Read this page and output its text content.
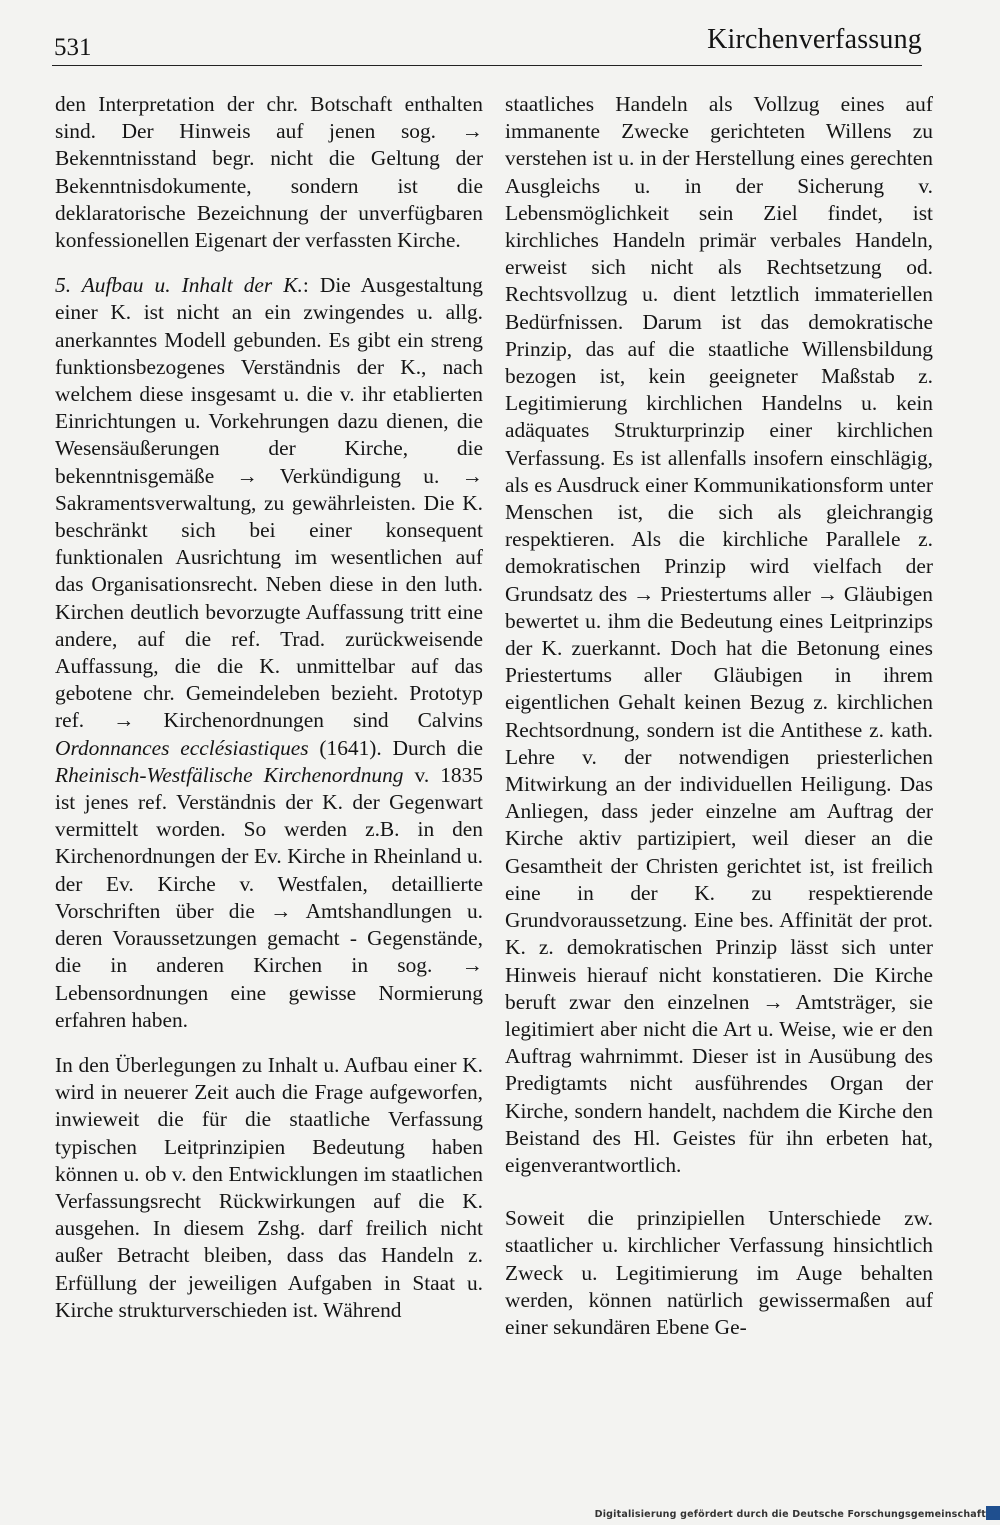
531	Kirchenverfassung

den Interpretation der chr. Botschaft enthalten sind. Der Hinweis auf jenen sog. → Bekenntnisstand begr. nicht die Geltung der Bekenntnisdokumente, sondern ist die deklaratorische Bezeichnung der unverfügbaren konfessionellen Eigenart der verfassten Kirche.

5. Aufbau u. Inhalt der K.: Die Ausgestaltung einer K. ist nicht an ein zwingendes u. allg. anerkanntes Modell gebunden. Es gibt ein streng funktionsbezogenes Verständnis der K., nach welchem diese insgesamt u. die v. ihr etablierten Einrichtungen u. Vorkehrungen dazu dienen, die Wesensäußerungen der Kirche, die bekenntnisgemäße → Verkündigung u. → Sakramentsverwaltung, zu gewährleisten. Die K. beschränkt sich bei einer konsequent funktionalen Ausrichtung im wesentlichen auf das Organisationsrecht. Neben diese in den luth. Kirchen deutlich bevorzugte Auffassung tritt eine andere, auf die ref. Trad. zurückweisende Auffassung, die die K. unmittelbar auf das gebotene chr. Gemeindeleben bezieht. Prototyp ref. → Kirchenordnungen sind Calvins Ordonnances ecclésiastiques (1641). Durch die Rheinisch-Westfälische Kirchenordnung v. 1835 ist jenes ref. Verständnis der K. der Gegenwart vermittelt worden. So werden z.B. in den Kirchenordnungen der Ev. Kirche in Rheinland u. der Ev. Kirche v. Westfalen, detaillierte Vorschriften über die → Amtshandlungen u. deren Voraussetzungen gemacht - Gegenstände, die in anderen Kirchen in sog. → Lebensordnungen eine gewisse Normierung erfahren haben.

In den Überlegungen zu Inhalt u. Aufbau einer K. wird in neuerer Zeit auch die Frage aufgeworfen, inwieweit die für die staatliche Verfassung typischen Leitprinzipien Bedeutung haben können u. ob v. den Entwicklungen im staatlichen Verfassungsrecht Rückwirkungen auf die K. ausgehen. In diesem Zshg. darf freilich nicht außer Betracht bleiben, dass das Handeln z. Erfüllung der jeweiligen Aufgaben in Staat u. Kirche strukturverschieden ist. Während

staatliches Handeln als Vollzug eines auf immanente Zwecke gerichteten Willens zu verstehen ist u. in der Herstellung eines gerechten Ausgleichs u. in der Sicherung v. Lebensmöglichkeit sein Ziel findet, ist kirchliches Handeln primär verbales Handeln, erweist sich nicht als Rechtsetzung od. Rechtsvollzug u. dient letztlich immateriellen Bedürfnissen. Darum ist das demokratische Prinzip, das auf die staatliche Willensbildung bezogen ist, kein geeigneter Maßstab z. Legitimierung kirchlichen Handelns u. kein adäquates Strukturprinzip einer kirchlichen Verfassung. Es ist allenfalls insofern einschlägig, als es Ausdruck einer Kommunikationsform unter Menschen ist, die sich als gleichrangig respektieren. Als die kirchliche Parallele z. demokratischen Prinzip wird vielfach der Grundsatz des → Priestertums aller → Gläubigen bewertet u. ihm die Bedeutung eines Leitprinzips der K. zuerkannt. Doch hat die Betonung eines Priestertums aller Gläubigen in ihrem eigentlichen Gehalt keinen Bezug z. kirchlichen Rechtsordnung, sondern ist die Antithese z. kath. Lehre v. der notwendigen priesterlichen Mitwirkung an der individuellen Heiligung. Das Anliegen, dass jeder einzelne am Auftrag der Kirche aktiv partizipiert, weil dieser an die Gesamtheit der Christen gerichtet ist, ist freilich eine in der K. zu respektierende Grundvoraussetzung. Eine bes. Affinität der prot. K. z. demokratischen Prinzip lässt sich unter Hinweis hierauf nicht konstatieren. Die Kirche beruft zwar den einzelnen → Amtsträger, sie legitimiert aber nicht die Art u. Weise, wie er den Auftrag wahrnimmt. Dieser ist in Ausübung des Predigtamts nicht ausführendes Organ der Kirche, sondern handelt, nachdem die Kirche den Beistand des Hl. Geistes für ihn erbeten hat, eigenverantwortlich.

Soweit die prinzipiellen Unterschiede zw. staatlicher u. kirchlicher Verfassung hinsichtlich Zweck u. Legitimierung im Auge behalten werden, können natürlich gewissermaßen auf einer sekundären Ebene Ge-

Digitalisierung gefördert durch die Deutsche Forschungsgemeinschaft
